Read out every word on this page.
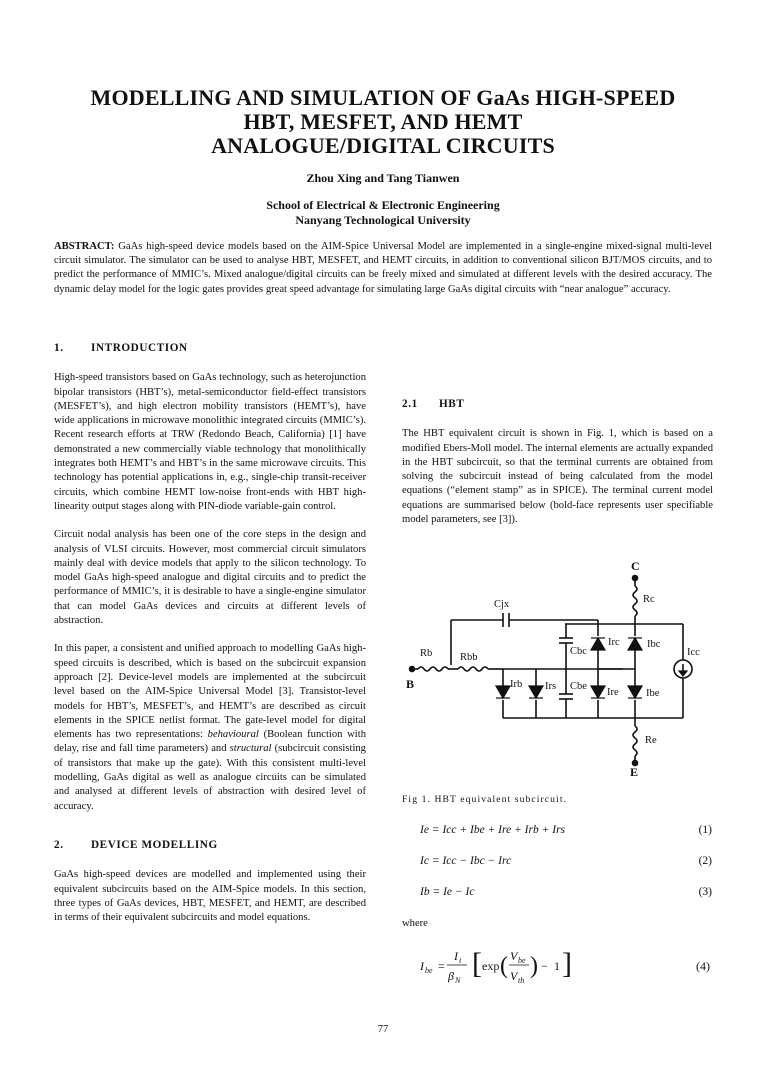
MODELLING AND SIMULATION OF GaAs HIGH-SPEED
HBT, MESFET, AND HEMT
ANALOGUE/DIGITAL CIRCUITS
Zhou Xing and Tang Tianwen
School of Electrical & Electronic Engineering
Nanyang Technological University
ABSTRACT: GaAs high-speed device models based on the AIM-Spice Universal Model are implemented in a single-engine mixed-signal multi-level circuit simulator. The simulator can be used to analyse HBT, MESFET, and HEMT circuits, in addition to conventional silicon BJT/MOS circuits, and to predict the performance of MMIC’s. Mixed analogue/digital circuits can be freely mixed and simulated at different levels with the desired accuracy. The dynamic delay model for the logic gates provides great speed advantage for simulating large GaAs digital circuits with “near analogue” accuracy.
1. INTRODUCTION

High-speed transistors based on GaAs technology, such as heterojunction bipolar transistors (HBT’s), metal-semiconductor field-effect transistors (MESFET’s), and high electron mobility transistors (HEMT’s), have wide applications in microwave monolithic integrated circuits (MMIC’s). Recent research efforts at TRW (Redondo Beach, California) [1] have demonstrated a new commercially viable technology that monolithically integrates both HEMT’s and HBT’s in the same microwave circuits. This technology has potential applications in, e.g., single-chip transit-receiver circuits, which combine HEMT low-noise front-ends with HBT high-linearity output stages along with PIN-diode variable-gain control.

Circuit nodal analysis has been one of the core steps in the design and analysis of VLSI circuits. However, most commercial circuit simulators mainly deal with device models that apply to the silicon technology. To model GaAs high-speed analogue and digital circuits and to predict the performance of MMIC’s, it is desirable to have a single-engine simulator that can model GaAs devices and circuits at different levels of abstraction.

In this paper, a consistent and unified approach to modelling GaAs high-speed circuits is described, which is based on the subcircuit expansion approach [2]. Device-level models are implemented at the subcircuit level based on the AIM-Spice Universal Model [3]. Transistor-level models for HBT’s, MESFET’s, and HEMT’s are described as circuit elements in the SPICE netlist format. The gate-level model for digital elements has two representations: behavioural (Boolean function with delay, rise and fall time parameters) and structural (subcircuit consisting of transistors that make up the gate). With this consistent multi-level modelling, GaAs digital as well as analogue circuits can be simulated and analysed at different levels of abstraction with desired level of accuracy.

2. DEVICE MODELLING

GaAs high-speed devices are modelled and implemented using their equivalent subcircuits based on the AIM-Spice models. In this section, three types of GaAs devices, HBT, MESFET, and HEMT, are described in terms of their equivalent subcircuits and model equations.

2.1 HBT

The HBT equivalent circuit is shown in Fig. 1, which is based on a modified Ebers-Moll model. The internal elements are actually expanded in the HBT subcircuit, so that the terminal currents are obtained from solving the subcircuit instead of being calculated from the model equations (“element stamp” as in SPICE). The terminal current model equations are summarised below (bold-face represents user specifiable model parameters, see [3]).

C
Rc
Cjx
Rb	Rbb
B
Cbc
Irc	Ibc
Icc
Irb Irs Cbe
Ire	Ibe
Re
E
Fig 1. HBT equivalent subcircuit.
Ie = Icc + Ibe + Ire + Irb + Irs	(1)
Ic = Icc − Ibc − Irc	(2)
Ib = Ie − Ic	(3)
where
I be =
I i
β N
[ exp ( V be
V th
) − 1 ]	(4)
77
